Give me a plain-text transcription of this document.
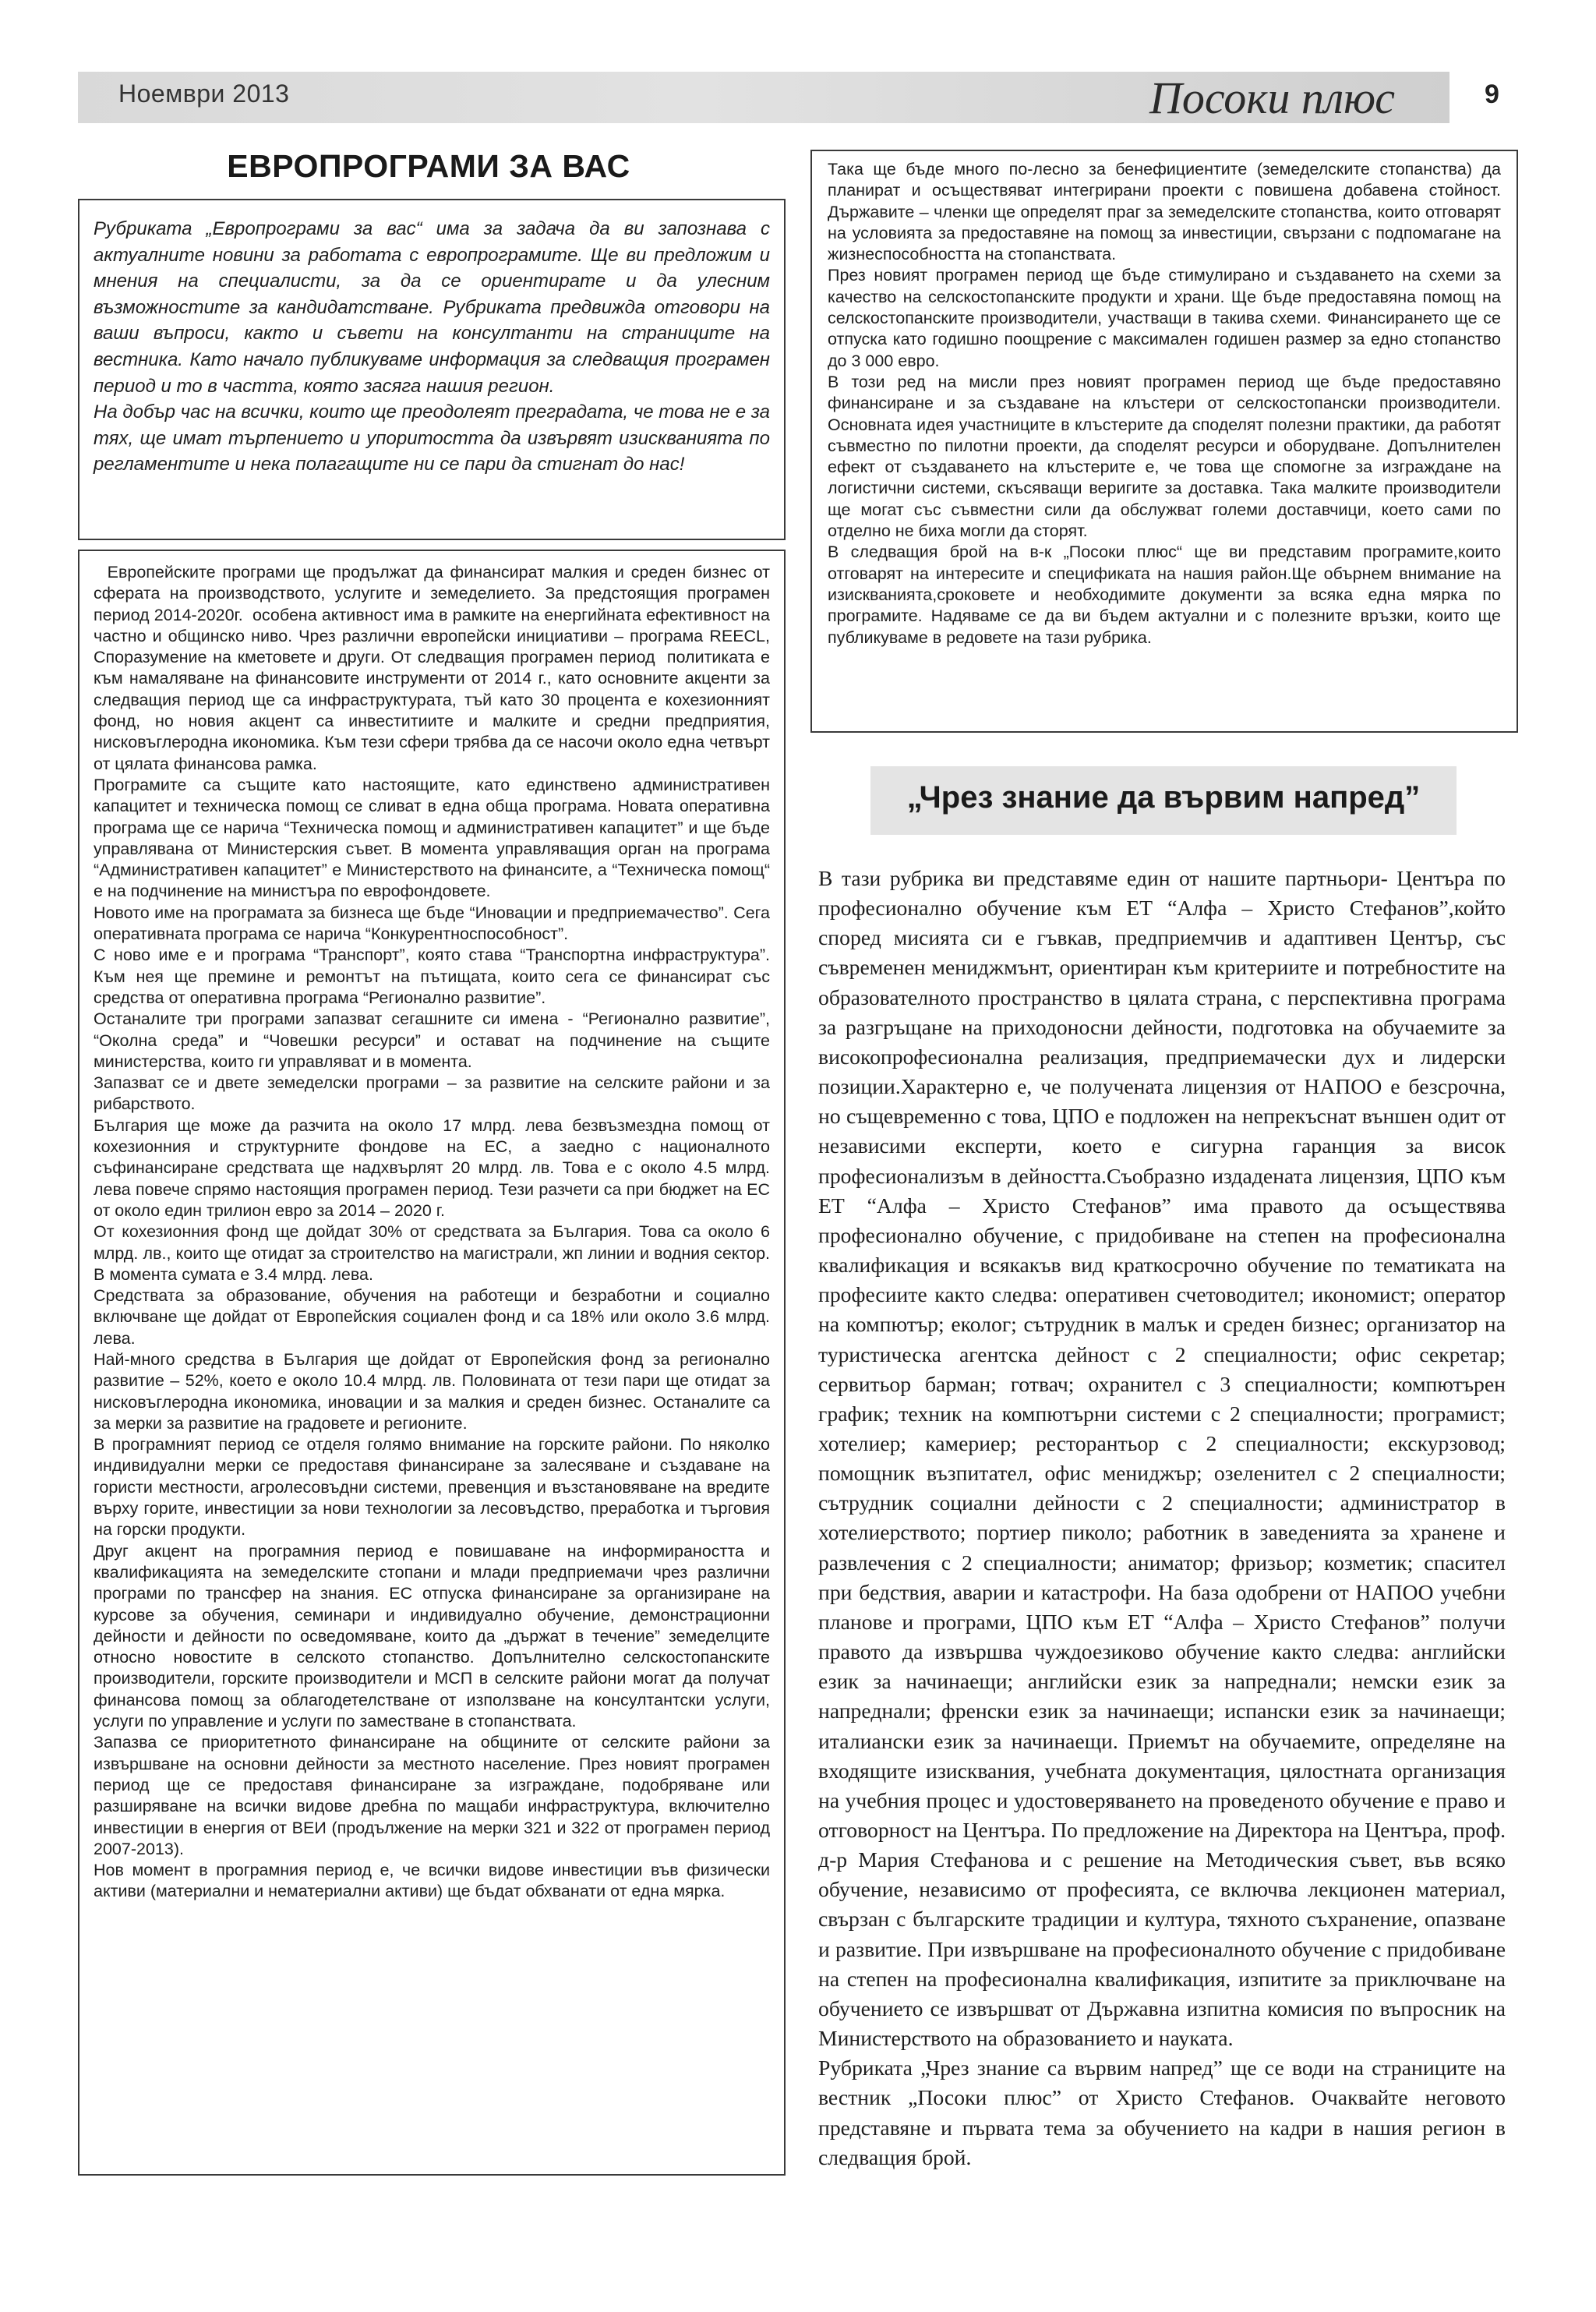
Ноември 2013	Посоки плюс	9
ЕВРОПРОГРАМИ ЗА ВАС

Рубриката „Европрограми за вас“ има за задача да ви запознава с актуалните новини за работата с европрограмите. Ще ви предложим и мнения на специалисти, за да се ориентирате и да улесним възможностите за кандидатстване. Рубриката предвижда отговори на ваши въпроси, както и съвети на консултанти на страниците на вестника. Като начало публикуваме информация за следващия програмен период и то в частта, която засяга нашия регион.

На добър час на всички, които ще преодолеят преградата, че това не е за тях, ще имат търпението и упоритостта да извървят изискванията по регламентите и нека полагащите ни се пари да стигнат до нас!

Европейските програми ще продължат да финансират малкия и среден бизнес от сферата на производството, услугите и земеделието. За предстоящия програмен период 2014-2020г.  особена активност има в рамките на енергийната ефективност на частно и общинско ниво. Чрез различни европейски инициативи – програма REECL, Споразумение на кметовете и други. От следващия програмен период  политиката е към намаляване на финансовите инструменти от 2014 г., като основните акценти за следващия период ще са инфраструктурата, тъй като 30 процента е кохезионният фонд, но новия акцент са инвеститиите и малките и средни предприятия, нисковъглеродна икономика. Към тези сфери трябва да се насочи около една четвърт от цялата финансова рамка.

Програмите са същите като настоящите, като единствено административен капацитет и техническа помощ се сливат в една обща програма. Новата оперативна програма ще се нарича “Техническа помощ и административен капацитет” и ще бъде управлявана от Министерския съвет. В момента управляващия орган на програма “Административен капацитет” е Министерството на финансите, а “Техническа помощ“ е на подчинение на министъра по еврофондовете.

Новото име на програмата за бизнеса ще бъде “Иновации и предприемачество”. Сега оперативната програма се нарича “Конкурентноспособност”.

С ново име е и програма “Транспорт”, която става “Транспортна инфраструктура”. Към нея ще премине и ремонтът на пътищата, които сега се финансират със средства от оперативна програма “Регионално развитие”.

Останалите три програми запазват сегашните си имена - “Регионално развитие”, “Околна среда” и “Човешки ресурси” и остават на подчинение на същите министерства, които ги управляват и в момента.

Запазват се и двете земеделски програми – за развитие на селските райони и за рибарството.

България ще може да разчита на около 17 млрд. лева безвъзмездна помощ от кохезионния и структурните фондове на ЕС, а заедно с националното съфинансиране средствата ще надхвърлят 20 млрд. лв. Това е с около 4.5 млрд. лева повече спрямо настоящия програмен период. Тези разчети са при бюджет на ЕС от около един трилион евро за 2014 – 2020 г.

От кохезионния фонд ще дойдат 30% от средствата за България. Това са около 6 млрд. лв., които ще отидат за строителство на магистрали, жп линии и водния сектор. В момента сумата е 3.4 млрд. лева.

Средствата за образование, обучения на работещи и безработни и социално включване ще дойдат от Европейския социален фонд и са 18% или около 3.6 млрд. лева.

Най-много средства в България ще дойдат от Европейския фонд за регионално развитие – 52%, което е около 10.4 млрд. лв. Половината от тези пари ще отидат за нисковъглеродна икономика, иновации и за малкия и среден бизнес. Останалите са за мерки за развитие на градовете и регионите.

В програмният период се отделя голямо внимание на горските райони. По няколко индивидуални мерки се предоставя финансиране за залесяване и създаване на гористи местности, агролесовъдни системи, превенция и възстановяване на вредите върху горите, инвестиции за нови технологии за лесовъдство, преработка и търговия на горски продукти.

Друг акцент на програмния период е повишаване на информираността и квалификацията на земеделските стопани и млади предприемачи чрез различни програми по трансфер на знания. ЕС отпуска финансиране за организиране на курсове за обучения, семинари и индивидуално обучение, демонстрационни дейности и дейности по осведомяване, които да „държат в течение” земеделците относно новостите в селското стопанство. Допълнително селскостопанските производители, горските производители и МСП в селските райони могат да получат финансова помощ за облагодетелстване от използване на консултантски услуги, услуги по управление и услуги по заместване в стопанствата.

Запазва се приоритетното финансиране на общините от селските райони за извършване на основни дейности за местното население. През новият програмен период ще се предоставя финансиране за изграждане, подобряване или разширяване на всички видове дребна по мащаби инфраструктура, включително инвестиции в енергия от ВЕИ (продължение на мерки 321 и 322 от програмен период 2007-2013).

Нов момент в програмния период е, че всички видове инвестиции във физически активи (материални и нематериални активи) ще бъдат обхванати от една мярка.

Така ще бъде много по-лесно за бенефициентите (земеделските стопанства) да планират и осъществяват интегрирани проекти с повишена добавена стойност. Държавите – членки ще определят праг за земеделските стопанства, които отговарят на условията за предоставяне на помощ за инвестиции, свързани с подпомагане на жизнеспособността на стопанствата.

През новият програмен период ще бъде стимулирано и създаването на схеми за качество на селскостопанските продукти и храни. Ще бъде предоставяна помощ на селскостопанските производители, участващи в такива схеми. Финансирането ще се отпуска като годишно поощрение с максимален годишен размер за едно стопанство до 3 000 евро.

В този ред на мисли през новият програмен период ще бъде предоставяно финансиране и за създаване на клъстери от селскостопански производители. Основната идея участниците в клъстерите да споделят полезни практики, да работят съвместно по пилотни проекти, да споделят ресурси и оборудване. Допълнителен ефект от създаването на клъстерите е, че това ще спомогне за изграждане на логистични системи, скъсяващи веригите за доставка. Така малките производители ще могат със съвместни сили да обслужват големи доставчици, което сами по отделно не биха могли да сторят.

В следващия брой на в-к „Посоки плюс“ ще ви представим програмите,които отговарят на интересите и спецификата на нашия район.Ще обърнем внимание на изискванията,сроковете и необходимите документи за всяка една мярка по програмите. Надяваме се да ви бъдем актуални и с полезните връзки, които ще публикуваме в редовете на тази рубрика.

„Чрез знание да вървим напред”

В тази рубрика ви представяме един от нашите партньори- Центъра по професионално обучение към ЕТ “Алфа – Христо Стефанов”,който според мисията си е гъвкав, предприемчив и адаптивен Център, със съвременен мениджмънт, ориентиран към критериите и потребностите на образователното пространство в цялата страна, с перспективна програма за разгръщане на приходоносни дейности, подготовка на обучаемите за високопрофесионална реализация, предприемачески дух и лидерски позиции.Характерно е, че получената лицензия от НАПОО е безсрочна, но същевременно с това, ЦПО е подложен на непрекъснат външен одит от независими експерти, което е сигурна гаранция за висок професионализъм в дейността.Съобразно издадената лицензия, ЦПО към ЕТ “Алфа – Христо Стефанов” има правото да осъществява професионално обучение, с придобиване на степен на професионална квалификация и всякакъв вид краткосрочно обучение по тематиката на професиите както следва: оперативен счетоводител; икономист; оператор на компютър; еколог; сътрудник в малък и среден бизнес; организатор на туристическа агентска дейност с 2 специалности; офис секретар; сервитьор барман; готвач; охранител с 3 специалности; компютърен график; техник на компютърни системи с 2 специалности; програмист; хотелиер; камериер; ресторантьор с 2 специалности; екскурзовод; помощник възпитател, офис мениджър; озеленител с 2 специалности; сътрудник социални дейности с 2 специалности; администратор в хотелиерството; портиер пиколо; работник в заведенията за хранене и развлечения с 2 специалности; аниматор; фризьор; козметик; спасител при бедствия, аварии и катастрофи. На база одобрени от НАПОО учебни планове и програми, ЦПО към ЕТ “Алфа – Христо Стефанов” получи правото да извършва чуждоезиково обучение както следва: английски език за начинаещи; английски език за напреднали; немски език за напреднали; френски език за начинаещи; испански език за начинаещи; италиански език за начинаещи. Приемът на обучаемите, определяне на входящите изисквания, учебната документация, цялостната организация на учебния процес и удостоверяването на проведеното обучение е право и отговорност на Центъра. По предложение на Директора на Центъра, проф. д-р Мария Стефанова и с решение на Методическия съвет, във всяко обучение, независимо от професията, се включва лекционен материал, свързан с българските традиции и култура, тяхното съхранение, опазване и развитие. При извършване на професионалното обучение с придобиване на степен на професионална квалификация, изпитите за приключване на обучението се извършват от Държавна изпитна комисия по въпросник на Министерството на образованието и науката.

Рубриката „Чрез знание са вървим напред” ще се води на страниците на вестник „Посоки плюс” от Христо Стефанов. Очаквайте неговото представяне и първата тема за обучението на кадри в нашия регион в следващия брой.
